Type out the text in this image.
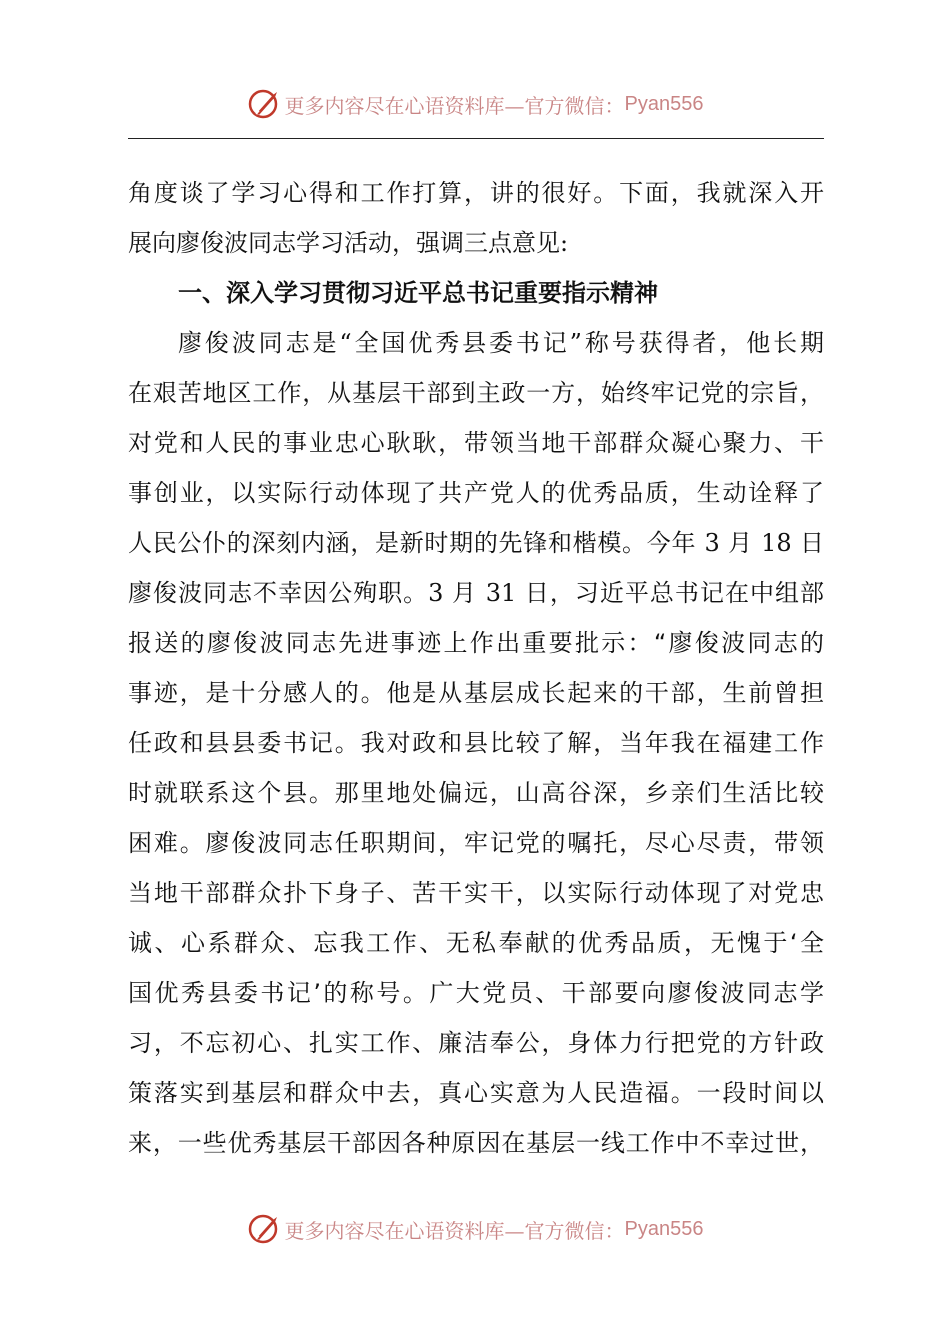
更多内容尽在心语资料库—官方微信： Pyan556
角度谈了学习心得和工作打算，讲的很好。下面，我就深入开
展向廖俊波同志学习活动，强调三点意见:
一、深入学习贯彻习近平总书记重要指示精神
廖俊波同志是“全国优秀县委书记”称号获得者，他长期
在艰苦地区工作，从基层干部到主政一方，始终牢记党的宗旨，
对党和人民的事业忠心耿耿，带领当地干部群众凝心聚力、干
事创业，以实际行动体现了共产党人的优秀品质，生动诠释了
人民公仆的深刻内涵，是新时期的先锋和楷模。今年 3 月 18 日
廖俊波同志不幸因公殉职。3 月 31 日，习近平总书记在中组部
报送的廖俊波同志先进事迹上作出重要批示：“廖俊波同志的
事迹，是十分感人的。他是从基层成长起来的干部，生前曾担
任政和县县委书记。我对政和县比较了解，当年我在福建工作
时就联系这个县。那里地处偏远，山高谷深，乡亲们生活比较
困难。廖俊波同志任职期间，牢记党的嘱托，尽心尽责，带领
当地干部群众扑下身子、苦干实干，以实际行动体现了对党忠
诚、心系群众、忘我工作、无私奉献的优秀品质，无愧于‘全
国优秀县委书记’的称号。广大党员、干部要向廖俊波同志学
习，不忘初心、扎实工作、廉洁奉公，身体力行把党的方针政
策落实到基层和群众中去，真心实意为人民造福。一段时间以
来，一些优秀基层干部因各种原因在基层一线工作中不幸过世，
更多内容尽在心语资料库—官方微信： Pyan556
